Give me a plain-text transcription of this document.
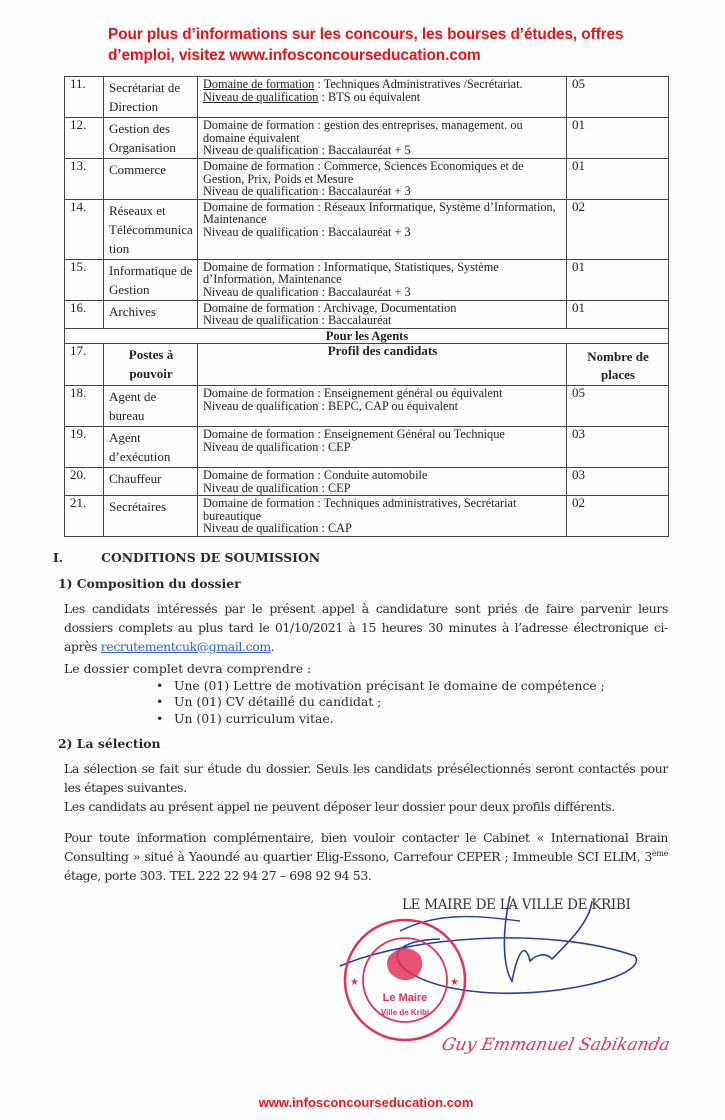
Pour plus d’informations sur les concours, les bourses d’études, offres
d’emploi, visitez www.infosconcourseducation.com
11.	Secrétariat de Direction	Domaine de formation : Techniques Administratives /Secrétariat.
Niveau de qualification : BTS ou équivalent	05
12.	Gestion des Organisation	Domaine de formation : gestion des entreprises, management. ou domaine équivalent
Niveau de qualification : Baccalauréat + 5	01
13.	Commerce	Domaine de formation : Commerce, Sciences Economiques et de Gestion, Prix, Poids et Mesure
Niveau de qualification : Baccalauréat + 3	01
14.	Réseaux et Télécommunication	Domaine de formation : Réseaux Informatique, Système d’Information, Maintenance
Niveau de qualification : Baccalauréat + 3	02
15.	Informatique de Gestion	Domaine de formation : Informatique, Statistiques, Système d’Information, Maintenance
Niveau de qualification : Baccalauréat + 3	01
16.	Archives	Domaine de formation : Archivage, Documentation
Niveau de qualification : Baccalauréat	01
Pour les Agents			
17.	Postes à pouvoir	Profil des candidats	Nombre de places
18.	Agent de bureau	Domaine de formation : Enseignement général ou équivalent
Niveau de qualification : BEPC, CAP ou équivalent	05
19.	Agent d’exécution	Domaine de formation : Enseignement Général ou Technique
Niveau de qualification : CEP	03
20.	Chauffeur	Domaine de formation : Conduite automobile
Niveau de qualification : CEP	03
21.	Secrétaires	Domaine de formation : Techniques administratives, Secrétariat bureautique
Niveau de qualification : CAP	02
I.	CONDITIONS DE SOUMISSION
1) Composition du dossier
Les candidats intéressés par le présent appel à candidature sont priés de faire parvenir leurs dossiers complets au plus tard le 01/10/2021 à 15 heures 30 minutes à l’adresse électronique ci-après recrutementcuk@gmail.com.
Le dossier complet devra comprendre :
• Une (01) Lettre de motivation précisant le domaine de compétence ;
• Un (01) CV détaillé du candidat ;
• Un (01) curriculum vitae.
2) La sélection
La sélection se fait sur étude du dossier. Seuls les candidats présélectionnés seront contactés pour les étapes suivantes.
Les candidats au présent appel ne peuvent déposer leur dossier pour deux profils différents.
Pour toute information complémentaire, bien vouloir contacter le Cabinet « International Brain Consulting » situé à Yaoundé au quartier Elig-Essono, Carrefour CEPER ; Immeuble SCI ELIM, 3ème étage, porte 303. TEL 222 22 94 27 – 698 92 94 53.
Le Maire
Ville de Kribi
★	★
LE MAIRE DE LA VILLE DE KRIBI
Guy Emmanuel Sabikanda
www.infosconcourseducation.com
